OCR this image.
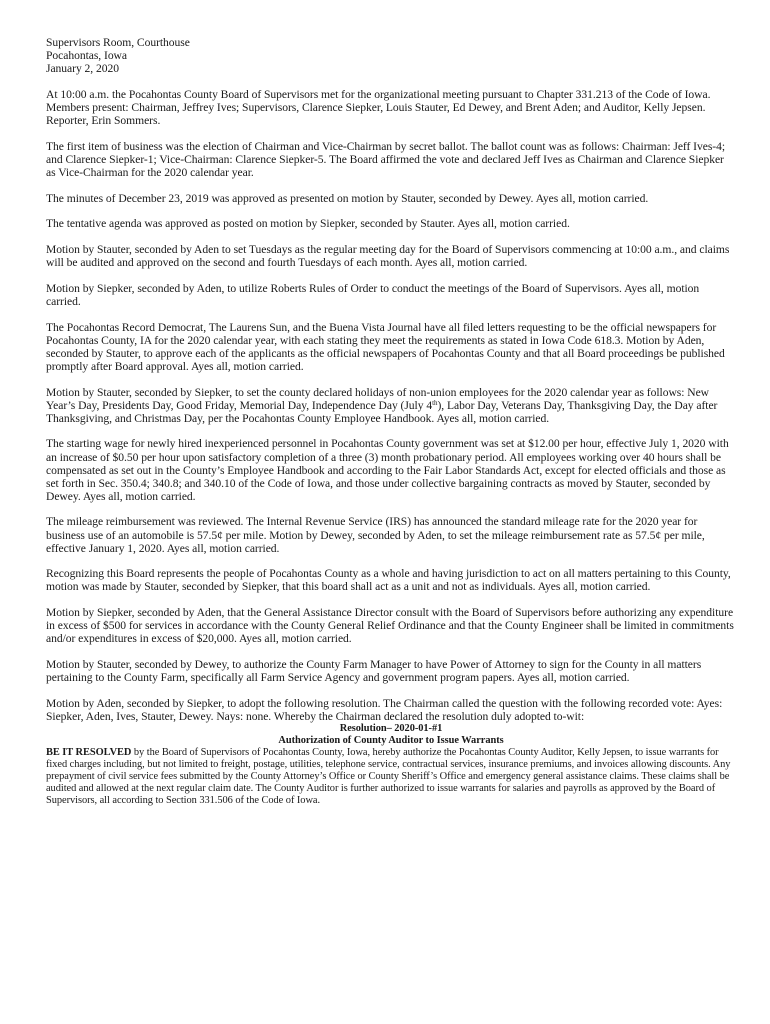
Supervisors Room, Courthouse

Pocahontas, Iowa

January 2, 2020

At 10:00 a.m. the Pocahontas County Board of Supervisors met for the organizational meeting pursuant to Chapter 331.213 of the Code of Iowa. Members present: Chairman, Jeffrey Ives; Supervisors, Clarence Siepker, Louis Stauter, Ed Dewey, and Brent Aden; and Auditor, Kelly Jepsen. Reporter, Erin Sommers.

The first item of business was the election of Chairman and Vice-Chairman by secret ballot. The ballot count was as follows: Chairman: Jeff Ives-4; and Clarence Siepker-1; Vice-Chairman: Clarence Siepker-5. The Board affirmed the vote and declared Jeff Ives as Chairman and Clarence Siepker as Vice-Chairman for the 2020 calendar year.

The minutes of December 23, 2019 was approved as presented on motion by Stauter, seconded by Dewey. Ayes all, motion carried.

The tentative agenda was approved as posted on motion by Siepker, seconded by Stauter. Ayes all, motion carried.

Motion by Stauter, seconded by Aden to set Tuesdays as the regular meeting day for the Board of Supervisors commencing at 10:00 a.m., and claims will be audited and approved on the second and fourth Tuesdays of each month. Ayes all, motion carried.

Motion by Siepker, seconded by Aden, to utilize Roberts Rules of Order to conduct the meetings of the Board of Supervisors. Ayes all, motion carried.

The Pocahontas Record Democrat, The Laurens Sun, and the Buena Vista Journal have all filed letters requesting to be the official newspapers for Pocahontas County, IA for the 2020 calendar year, with each stating they meet the requirements as stated in Iowa Code 618.3. Motion by Aden, seconded by Stauter, to approve each of the applicants as the official newspapers of Pocahontas County and that all Board proceedings be published promptly after Board approval. Ayes all, motion carried.

Motion by Stauter, seconded by Siepker, to set the county declared holidays of non-union employees for the 2020 calendar year as follows: New Year’s Day, Presidents Day, Good Friday, Memorial Day, Independence Day (July 4th), Labor Day, Veterans Day, Thanksgiving Day, the Day after Thanksgiving, and Christmas Day, per the Pocahontas County Employee Handbook. Ayes all, motion carried.

The starting wage for newly hired inexperienced personnel in Pocahontas County government was set at $12.00 per hour, effective July 1, 2020 with an increase of $0.50 per hour upon satisfactory completion of a three (3) month probationary period. All employees working over 40 hours shall be compensated as set out in the County’s Employee Handbook and according to the Fair Labor Standards Act, except for elected officials and those as set forth in Sec. 350.4; 340.8; and 340.10 of the Code of Iowa, and those under collective bargaining contracts as moved by Stauter, seconded by Dewey. Ayes all, motion carried.

The mileage reimbursement was reviewed. The Internal Revenue Service (IRS) has announced the standard mileage rate for the 2020 year for business use of an automobile is 57.5¢ per mile. Motion by Dewey, seconded by Aden, to set the mileage reimbursement rate as 57.5¢ per mile, effective January 1, 2020. Ayes all, motion carried.

Recognizing this Board represents the people of Pocahontas County as a whole and having jurisdiction to act on all matters pertaining to this County, motion was made by Stauter, seconded by Siepker, that this board shall act as a unit and not as individuals. Ayes all, motion carried.

Motion by Siepker, seconded by Aden, that the General Assistance Director consult with the Board of Supervisors before authorizing any expenditure in excess of $500 for services in accordance with the County General Relief Ordinance and that the County Engineer shall be limited in commitments and/or expenditures in excess of $20,000. Ayes all, motion carried.

Motion by Stauter, seconded by Dewey, to authorize the County Farm Manager to have Power of Attorney to sign for the County in all matters pertaining to the County Farm, specifically all Farm Service Agency and government program papers. Ayes all, motion carried.

Motion by Aden, seconded by Siepker, to adopt the following resolution. The Chairman called the question with the following recorded vote: Ayes: Siepker, Aden, Ives, Stauter, Dewey. Nays: none. Whereby the Chairman declared the resolution duly adopted to-wit:

Resolution– 2020-01-#1

Authorization of County Auditor to Issue Warrants

BE IT RESOLVED by the Board of Supervisors of Pocahontas County, Iowa, hereby authorize the Pocahontas County Auditor, Kelly Jepsen, to issue warrants for fixed charges including, but not limited to freight, postage, utilities, telephone service, contractual services, insurance premiums, and invoices allowing discounts. Any prepayment of civil service fees submitted by the County Attorney’s Office or County Sheriff’s Office and emergency general assistance claims. These claims shall be audited and allowed at the next regular claim date. The County Auditor is further authorized to issue warrants for salaries and payrolls as approved by the Board of Supervisors, all according to Section 331.506 of the Code of Iowa.
